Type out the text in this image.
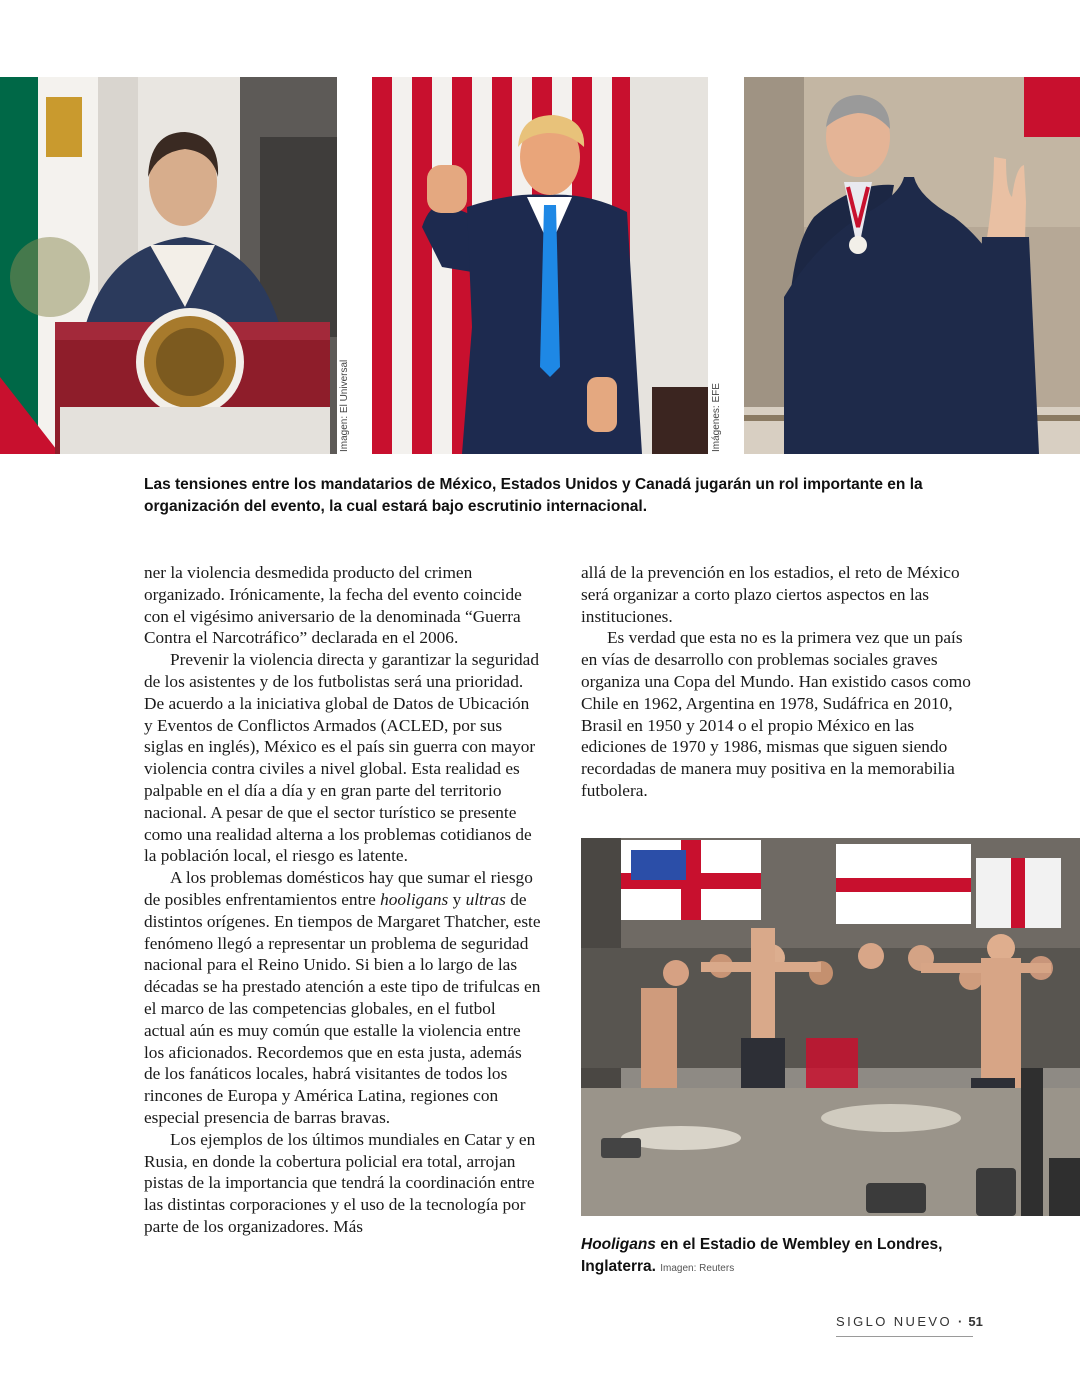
Imagen: El Universal	Imágenes: EFE
Las tensiones entre los mandatarios de México, Estados Unidos y Canadá jugarán un rol importante en la organización del evento, la cual estará bajo escrutinio internacional.

ner la violencia desmedida producto del crimen organizado. Irónicamente, la fecha del evento coincide con el vigésimo aniversario de la denominada “Guerra Contra el Narcotráfico” declarada en el 2006.

Prevenir la violencia directa y garantizar la seguridad de los asistentes y de los futbolistas será una prioridad. De acuerdo a la iniciativa global de Datos de Ubicación y Eventos de Conflictos Armados (ACLED, por sus siglas en inglés), México es el país sin guerra con mayor violencia contra civiles a nivel global. Esta realidad es palpable en el día a día y en gran parte del territorio nacional. A pesar de que el sector turístico se presente como una realidad alterna a los problemas cotidianos de la población local, el riesgo es latente.

A los problemas domésticos hay que sumar el riesgo de posibles enfrentamientos entre hooligans y ultras de distintos orígenes. En tiempos de Margaret Thatcher, este fenómeno llegó a representar un problema de seguridad nacional para el Reino Unido. Si bien a lo largo de las décadas se ha prestado atención a este tipo de trifulcas en el marco de las competencias globales, en el futbol actual aún es muy común que estalle la violencia entre los aficionados. Recordemos que en esta justa, además de los fanáticos locales, habrá visitantes de todos los rincones de Europa y América Latina, regiones con especial presencia de barras bravas.

Los ejemplos de los últimos mundiales en Catar y en Rusia, en donde la cobertura policial era total, arrojan pistas de la importancia que tendrá la coordinación entre las distintas corporaciones y el uso de la tecnología por parte de los organizadores. Más

allá de la prevención en los estadios, el reto de México será organizar a corto plazo ciertos aspectos en las instituciones.

Es verdad que esta no es la primera vez que un país en vías de desarrollo con problemas sociales graves organiza una Copa del Mundo. Han existido casos como Chile en 1962, Argentina en 1978, Sudáfrica en 2010, Brasil en 1950 y 2014 o el propio México en las ediciones de 1970 y 1986, mismas que siguen siendo recordadas de manera muy positiva en la memorabilia futbolera.

Hooligans en el Estadio de Wembley en Londres, Inglaterra. Imagen: Reuters
SIGLO NUEVO · 51
